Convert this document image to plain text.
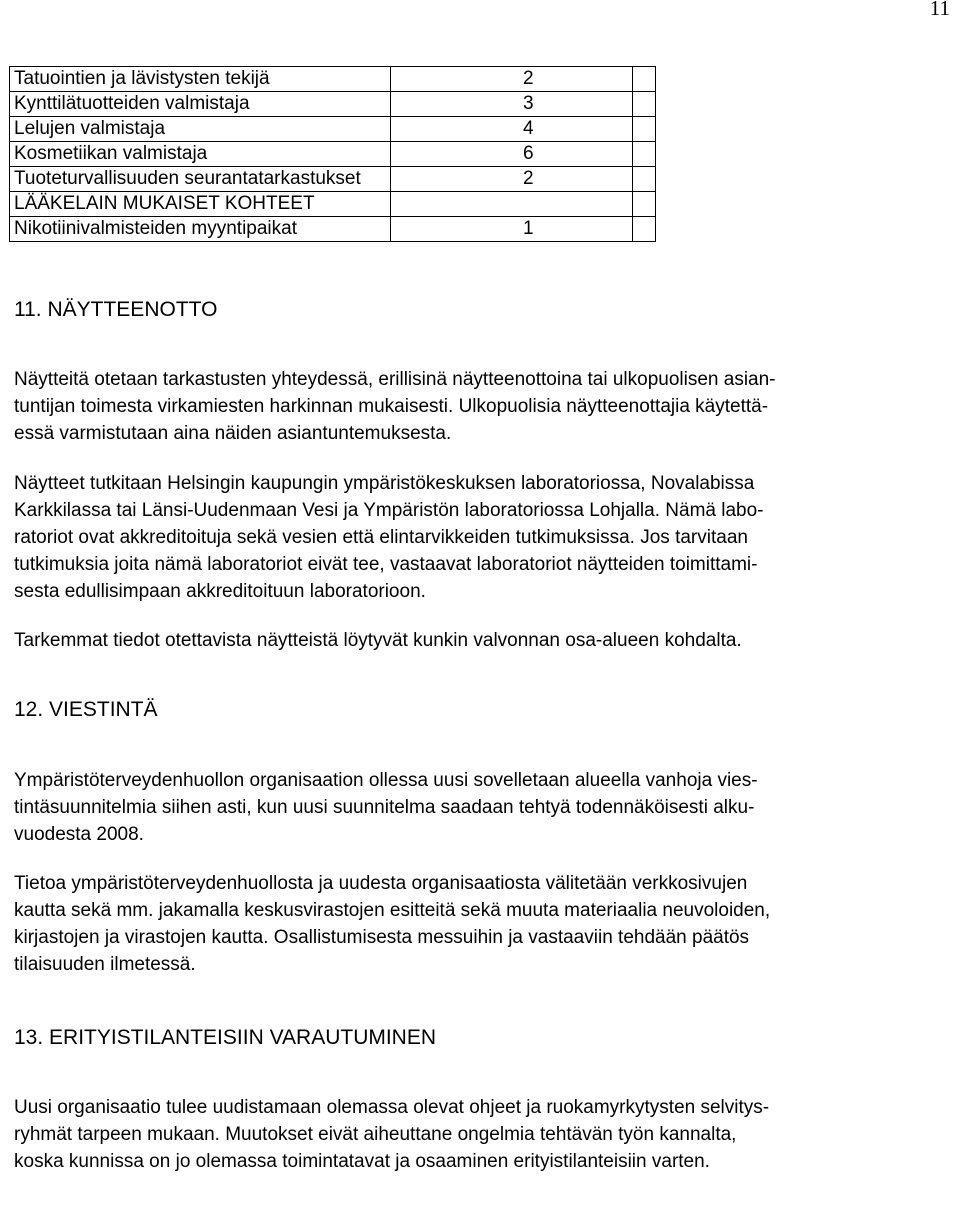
11
Tatuointien ja lävistysten tekijä	2	
Kynttilätuotteiden valmistaja	3	
Lelujen valmistaja	4	
Kosmetiikan valmistaja	6	
Tuoteturvallisuuden seurantatarkastukset	2	
LÄÄKELAIN MUKAISET KOHTEET		
Nikotiinivalmisteiden myyntipaikat	1	
11. NÄYTTEENOTTO

Näytteitä otetaan tarkastusten yhteydessä, erillisinä näytteenottoina tai ulkopuolisen asian-
tuntijan toimesta virkamiesten harkinnan mukaisesti. Ulkopuolisia näytteenottajia käytettä-
essä varmistutaan aina näiden asiantuntemuksesta.

Näytteet tutkitaan Helsingin kaupungin ympäristökeskuksen laboratoriossa, Novalabissa
Karkkilassa tai Länsi-Uudenmaan Vesi ja Ympäristön laboratoriossa Lohjalla. Nämä labo-
ratoriot ovat akkreditoituja sekä vesien että elintarvikkeiden tutkimuksissa. Jos tarvitaan
tutkimuksia joita nämä laboratoriot eivät tee, vastaavat laboratoriot näytteiden toimittami-
sesta edullisimpaan akkreditoituun laboratorioon.

Tarkemmat tiedot otettavista näytteistä löytyvät kunkin valvonnan osa-alueen kohdalta.

12. VIESTINTÄ

Ympäristöterveydenhuollon organisaation ollessa uusi sovelletaan alueella vanhoja vies-
tintäsuunnitelmia siihen asti, kun uusi suunnitelma saadaan tehtyä todennäköisesti alku-
vuodesta 2008.

Tietoa ympäristöterveydenhuollosta ja uudesta organisaatiosta välitetään verkkosivujen
kautta sekä mm. jakamalla keskusvirastojen esitteitä sekä muuta materiaalia neuvoloiden,
kirjastojen ja virastojen kautta. Osallistumisesta messuihin ja vastaaviin tehdään päätös
tilaisuuden ilmetessä.

13. ERITYISTILANTEISIIN VARAUTUMINEN

Uusi organisaatio tulee uudistamaan olemassa olevat ohjeet ja ruokamyrkytysten selvitys-
ryhmät tarpeen mukaan. Muutokset eivät aiheuttane ongelmia tehtävän työn kannalta,
koska kunnissa on jo olemassa toimintatavat ja osaaminen erityistilanteisiin varten.
